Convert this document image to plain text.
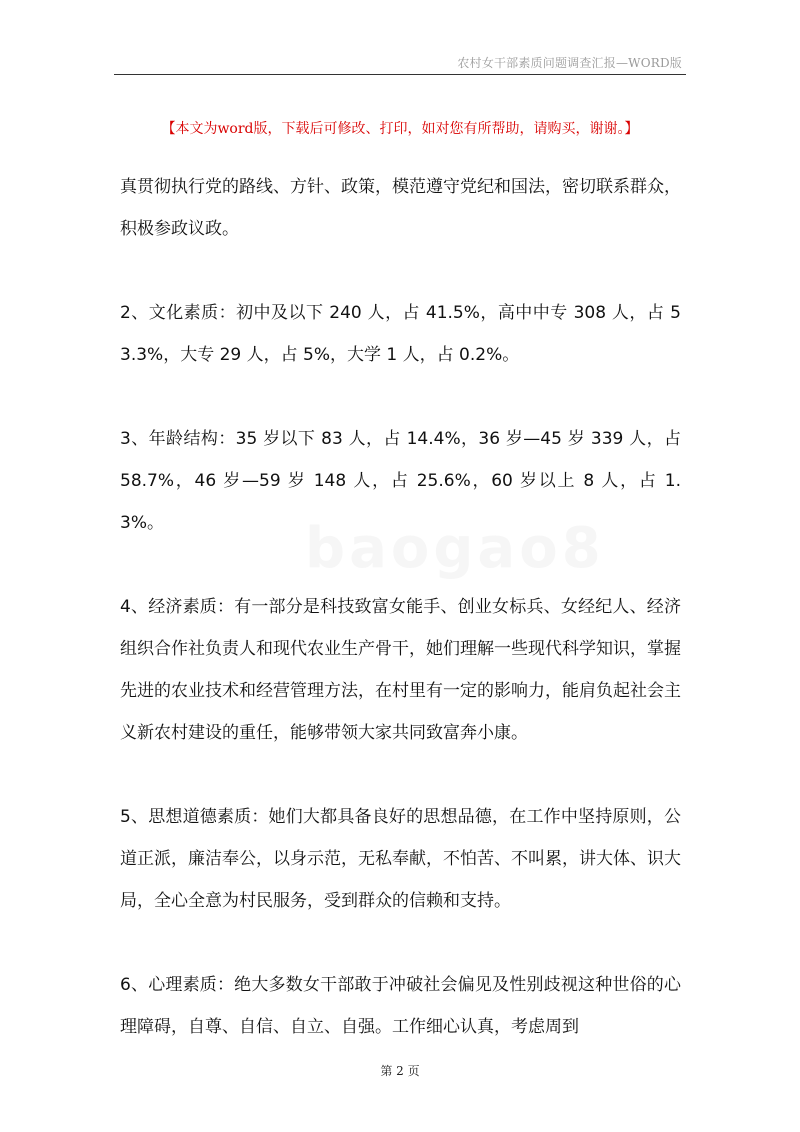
农村女干部素质问题调查汇报—WORD版
【本文为word版，下载后可修改、打印，如对您有所帮助，请购买，谢谢。】

真贯彻执行党的路线、方针、政策，模范遵守党纪和国法，密切联系群众，积极参政议政。

2、文化素质：初中及以下 240 人，占 41.5%，高中中专 308 人，占 53.3%，大专 29 人，占 5%，大学 1 人，占 0.2%。

3、年龄结构：35 岁以下 83 人，占 14.4%，36 岁—45 岁 339 人，占 58.7%，46 岁—59 岁 148 人，占 25.6%，60 岁以上 8 人，占 1.3%。

4、经济素质：有一部分是科技致富女能手、创业女标兵、女经纪人、经济组织合作社负责人和现代农业生产骨干，她们理解一些现代科学知识，掌握先进的农业技术和经营管理方法，在村里有一定的影响力，能肩负起社会主义新农村建设的重任，能够带领大家共同致富奔小康。

5、思想道德素质：她们大都具备良好的思想品德，在工作中坚持原则，公道正派，廉洁奉公，以身示范，无私奉献，不怕苦、不叫累，讲大体、识大局，全心全意为村民服务，受到群众的信赖和支持。

6、心理素质：绝大多数女干部敢于冲破社会偏见及性别歧视这种世俗的心理障碍，自尊、自信、自立、自强。工作细心认真，考虑周到

baogao8
第 2 页
